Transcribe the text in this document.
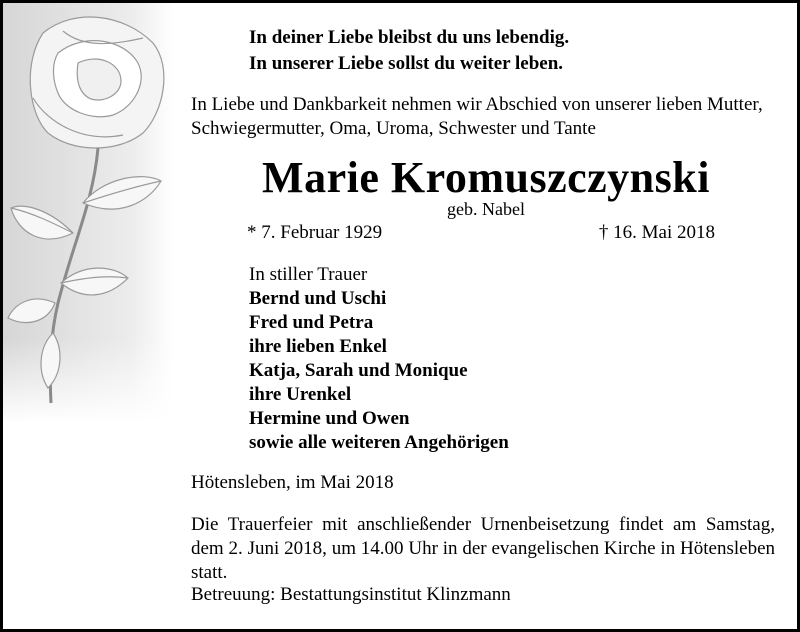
In deiner Liebe bleibst du uns lebendig.
In unserer Liebe sollst du weiter leben.
In Liebe und Dankbarkeit nehmen wir Abschied von unserer lieben Mutter, Schwiegermutter, Oma, Uroma, Schwester und Tante
Marie Kromuszczynski
geb. Nabel
* 7. Februar 1929	† 16. Mai 2018
In stiller Trauer
Bernd und Uschi
Fred und Petra
ihre lieben Enkel
Katja, Sarah und Monique
ihre Urenkel
Hermine und Owen
sowie alle weiteren Angehörigen
Hötensleben, im Mai 2018
Die Trauerfeier mit anschließender Urnenbeisetzung findet am Samstag, dem 2. Juni 2018, um 14.00 Uhr in der evangelischen Kirche in Hötensleben statt.
Betreuung: Bestattungsinstitut Klinzmann
